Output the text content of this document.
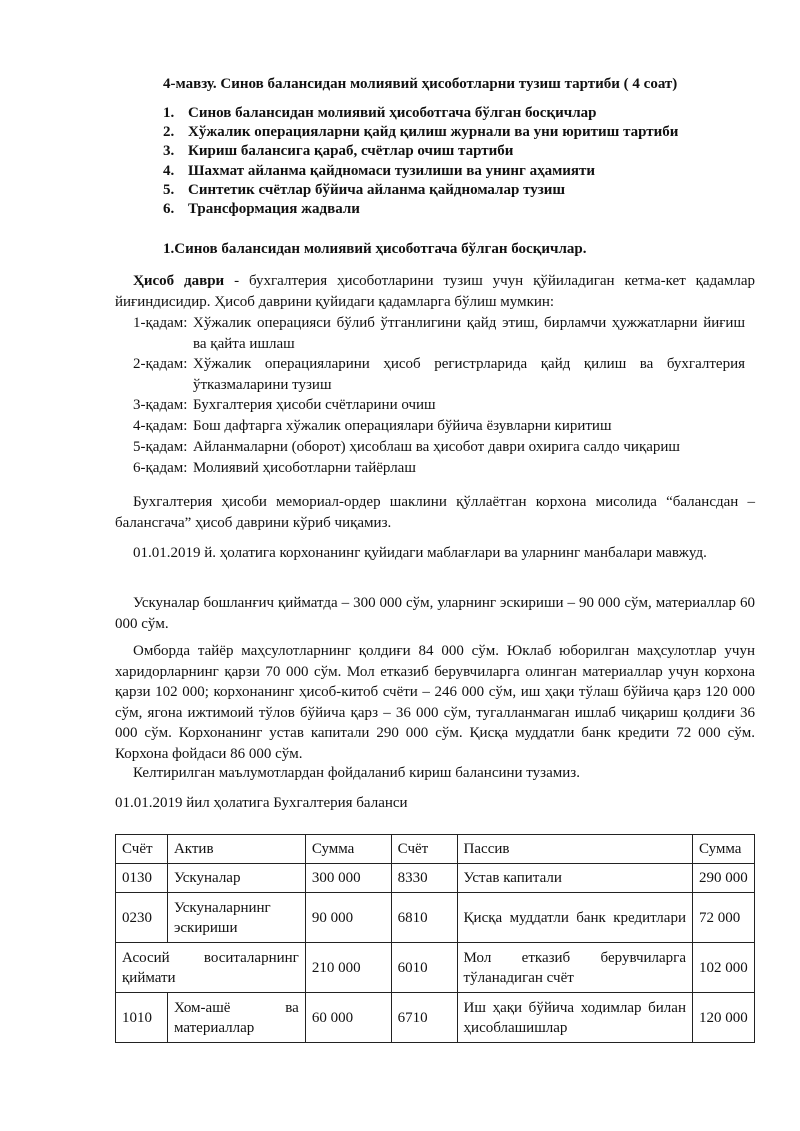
4-мавзу. Синов балансидан молиявий ҳисоботларни тузиш тартиби ( 4 соат)
1. Синов балансидан молиявий ҳисоботгача бўлган босқичлар
2. Хўжалик операцияларни қайд қилиш журнали ва уни юритиш тартиби
3. Кириш балансига қараб, счётлар очиш тартиби
4. Шахмат айланма қайдномаси тузилиши ва унинг аҳамияти
5. Синтетик счётлар бўйича айланма қайдномалар тузиш
6. Трансформация жадвали
1.Синов балансидан молиявий ҳисоботгача бўлган босқичлар.

Ҳисоб даври - бухгалтерия ҳисоботларини тузиш учун қўйиладиган кетма-кет қадамлар йиғиндисидир. Ҳисоб даврини қуйидаги қадамларга бўлиш мумкин:

1-қадам: Хўжалик операцияси бўлиб ўтганлигини қайд этиш, бирламчи ҳужжатларни йиғиш ва қайта ишлаш
2-қадам: Хўжалик операцияларини ҳисоб регистрларида қайд қилиш ва бухгалтерия ўтказмаларини тузиш
3-қадам: Бухгалтерия ҳисоби счётларини очиш
4-қадам: Бош дафтарга хўжалик операциялари бўйича ёзувларни киритиш
5-қадам: Айланмаларни (оборот) ҳисоблаш ва ҳисобот даври охирига салдо чиқариш
6-қадам: Молиявий ҳисоботларни тайёрлаш

Бухгалтерия ҳисоби мемориал-ордер шаклини қўллаётган корхона мисолида “балансдан –балансгача” ҳисоб даврини кўриб чиқамиз.

01.01.2019 й. ҳолатига корхонанинг қуйидаги маблағлари ва уларнинг манбалари мавжуд.

Ускуналар бошланғич қийматда – 300 000 сўм, уларнинг эскириши – 90 000 сўм, материаллар 60 000 сўм.

Омборда тайёр маҳсулотларнинг қолдиғи 84 000 сўм. Юклаб юборилган маҳсулотлар учун харидорларнинг қарзи 70 000 сўм. Мол етказиб берувчиларга олинган материаллар учун корхона қарзи 102 000; корхонанинг ҳисоб-китоб счёти – 246 000 сўм, иш ҳақи тўлаш бўйича қарз 120 000 сўм, ягона ижтимоий тўлов бўйича қарз – 36 000 сўм, тугалланмаган ишлаб чиқариш қолдиғи 36 000 сўм. Корхонанинг устав капитали 290 000 сўм. Қисқа муддатли банк кредити 72 000 сўм. Корхона фойдаси 86 000 сўм.

Келтирилган маълумотлардан фойдаланиб кириш балансини тузамиз.

01.01.2019 йил ҳолатига Бухгалтерия баланси
Счёт	Актив	Сумма	Счёт	Пассив	Сумма
0130	Ускуналар	300 000	8330	Устав капитали	290 000
0230	Ускуналарнинг эскириши	90 000	6810	Қисқа муддатли банк кредитлари	72 000
Асосий воситаларнинг қиймати		210 000	6010	Мол етказиб берувчиларга тўланадиган счёт	102 000
1010	Хом-ашё ва материаллар	60 000	6710	Иш ҳақи бўйича ходимлар билан ҳисоблашишлар	120 000
